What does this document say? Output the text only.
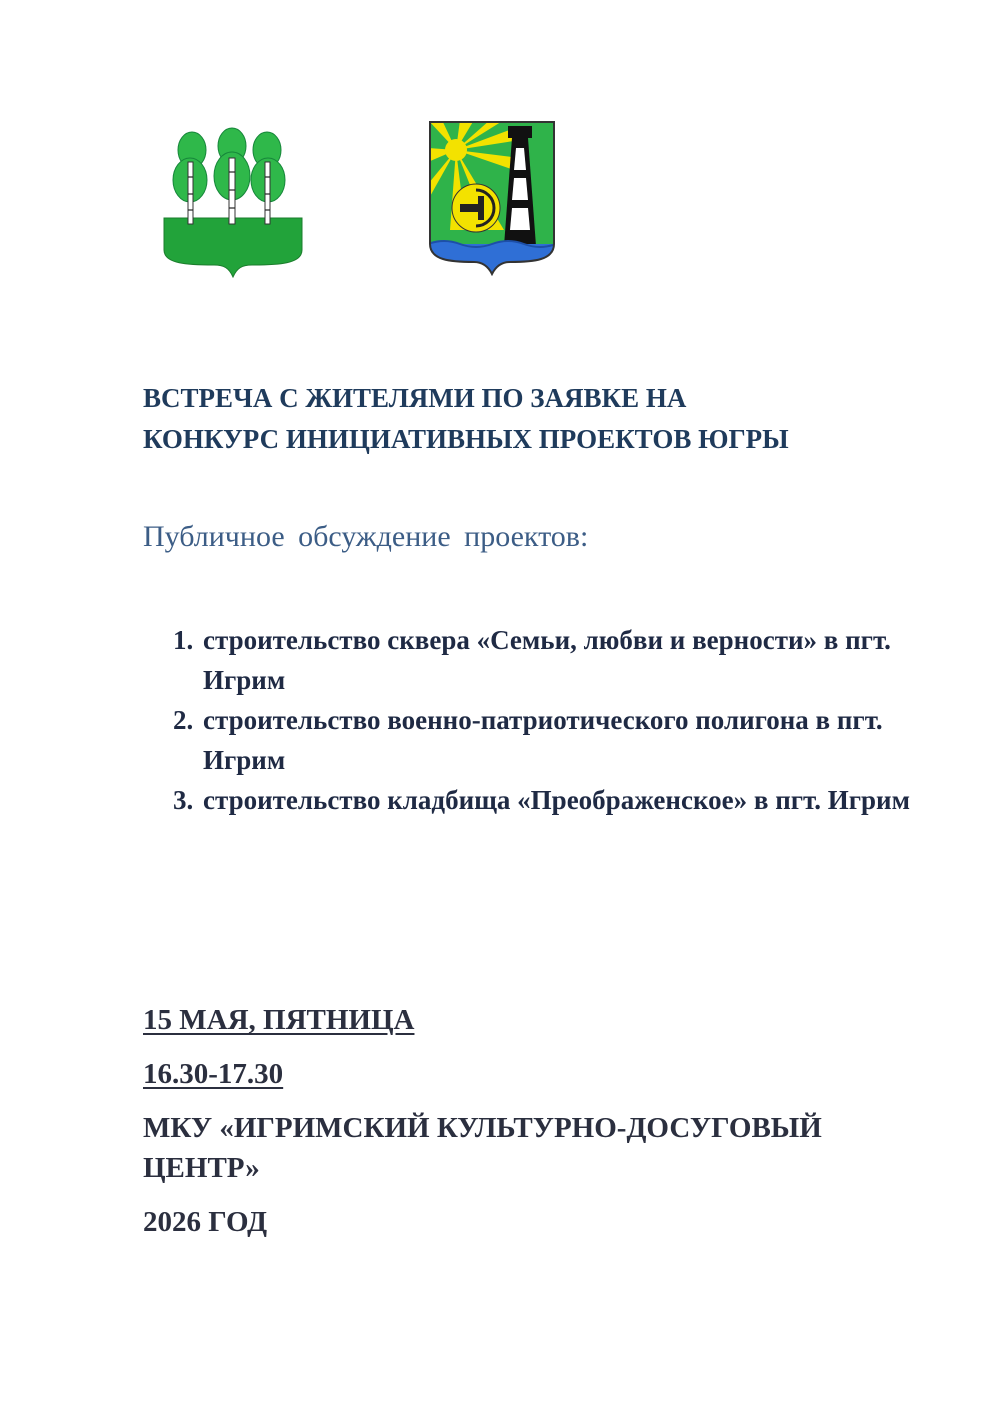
ВСТРЕЧА С ЖИТЕЛЯМИ ПО ЗАЯВКЕ НА
КОНКУРС ИНИЦИАТИВНЫХ ПРОЕКТОВ ЮГРЫ
Публичное обсуждение проектов:
1. строительство сквера «Семьи, любви и верности» в пгт. Игрим
2. строительство военно-патриотического полигона в пгт. Игрим
3. строительство кладбища «Преображенское» в пгт. Игрим
15 МАЯ, ПЯТНИЦА
16.30-17.30
МКУ «ИГРИМСКИЙ КУЛЬТУРНО-ДОСУГОВЫЙ ЦЕНТР»
2026 ГОД
